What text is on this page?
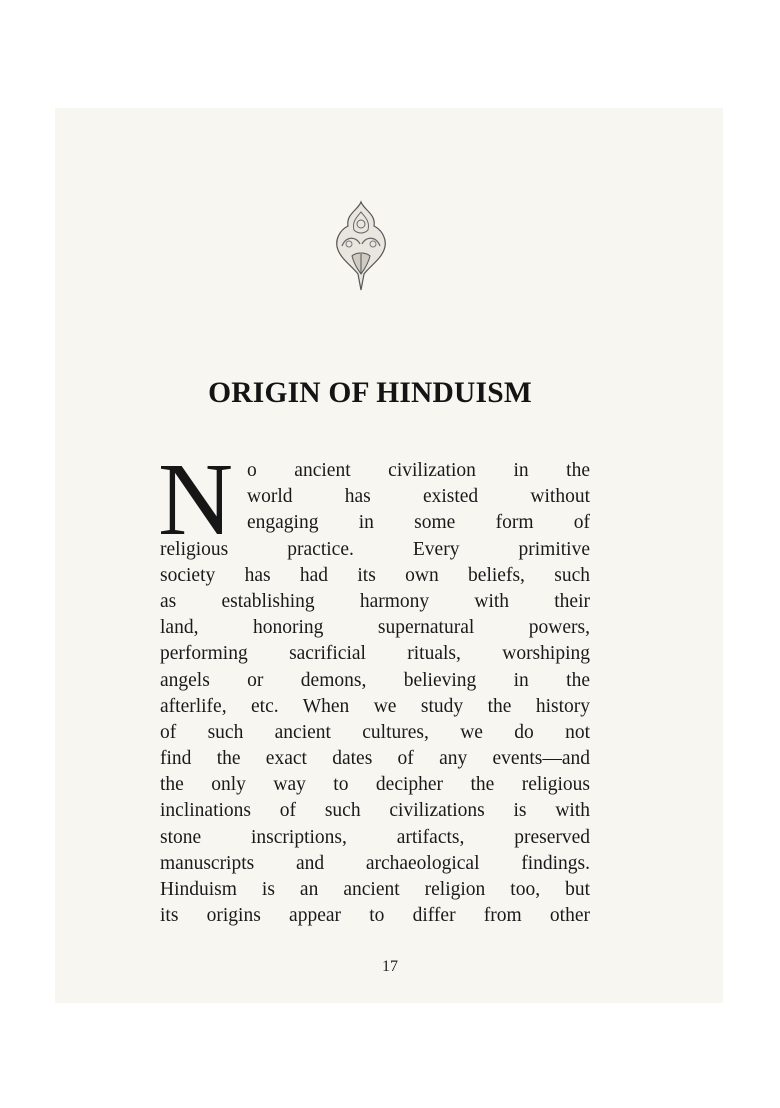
ORIGIN OF HINDUISM
N o ancient civilization in the
world has existed without
engaging in some form of
religious practice. Every primitive
society has had its own beliefs, such
as establishing harmony with their
land, honoring supernatural powers,
performing sacrificial rituals, worshiping
angels or demons, believing in the
afterlife, etc. When we study the history
of such ancient cultures, we do not
find the exact dates of any events—and
the only way to decipher the religious
inclinations of such civilizations is with
stone inscriptions, artifacts, preserved
manuscripts and archaeological findings.
Hinduism is an ancient religion too, but
its origins appear to differ from other
17
